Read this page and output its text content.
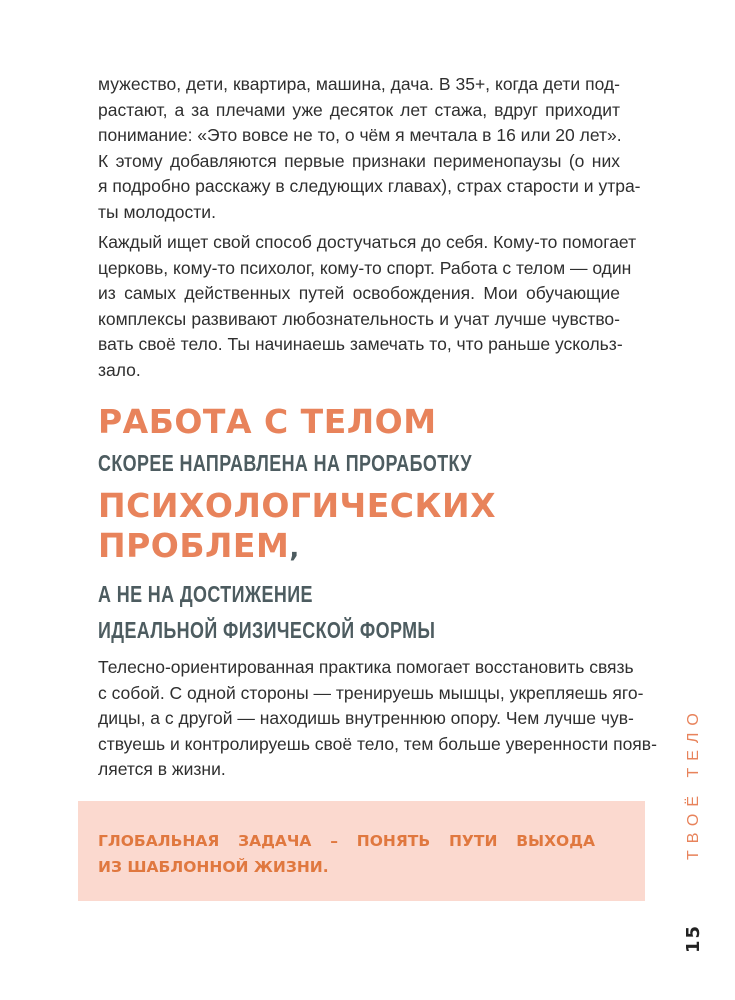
мужество, дети, квартира, машина, дача. В 35+, когда дети под-
растают, а за плечами уже десяток лет стажа, вдруг приходит
понимание: «Это вовсе не то, о чём я мечтала в 16 или 20 лет».
К этому добавляются первые признаки перименопаузы (о них
я подробно расскажу в следующих главах), страх старости и утра-
ты молодости.
Каждый ищет свой способ достучаться до себя. Кому-то помогает
церковь, кому-то психолог, кому-то спорт. Работа с телом — один
из самых действенных путей освобождения. Мои обучающие
комплексы развивают любознательность и учат лучше чувство-
вать своё тело. Ты начинаешь замечать то, что раньше ускольз-
зало.
РАБОТА С ТЕЛОМ
СКОРЕЕ НАПРАВЛЕНА НА ПРОРАБОТКУ
ПСИХОЛОГИЧЕСКИХ
ПРОБЛЕМ,
А НЕ НА ДОСТИЖЕНИЕ
ИДЕАЛЬНОЙ ФИЗИЧЕСКОЙ ФОРМЫ
Телесно-ориентированная практика помогает восстановить связь
с собой. С одной стороны — тренируешь мышцы, укрепляешь яго-
дицы, а с другой — находишь внутреннюю опору. Чем лучше чув-
ствуешь и контролируешь своё тело, тем больше уверенности появ-
ляется в жизни.

ГЛОБАЛЬНАЯ ЗАДАЧА – ПОНЯТЬ ПУТИ ВЫХОДА
ИЗ ШАБЛОННОЙ ЖИЗНИ.

ТВОЁ ТЕЛО
15
